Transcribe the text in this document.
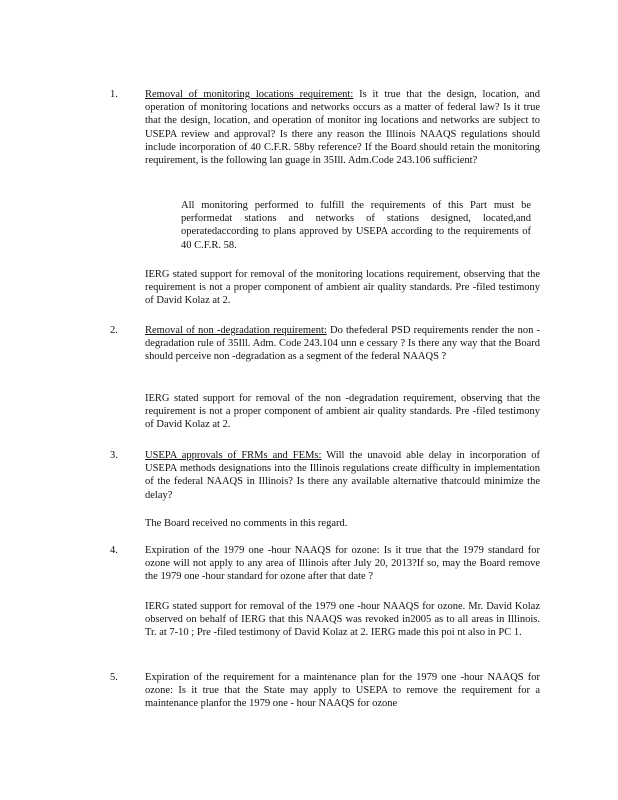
1.	Removal of monitoring locations requirement: Is it true that the design, location, and operation of monitoring locations and networks occurs as a matter of federal law? Is it true that the design, location, and operation of monitor ing locations and networks are subject to USEPA review and approval? Is there any reason the Illinois NAAQS regulations should include incorporation of 40 C.F.R. 58by reference? If the Board should retain the monitoring requirement, is the following lan guage in 35Ill. Adm.Code 243.106 sufficient?

All monitoring performed to fulfill the requirements of this Part must be performedat stations and networks of stations designed, located,and operatedaccording to plans approved by USEPA according to the requirements of 40 C.F.R. 58.

IERG stated support for removal of the monitoring locations requirement, observing that the requirement is not a proper component of ambient air quality standards. Pre -filed testimony of David Kolaz at 2.

2.	Removal of non -degradation requirement: Do thefederal PSD requirements render the non -degradation rule of 35Ill. Adm. Code 243.104 unn e cessary ? Is there any way that the Board should perceive non -degradation as a segment of the federal NAAQS ?

IERG stated support for removal of the non -degradation requirement, observing that the requirement is not a proper component of ambient air quality standards. Pre -filed testimony of David Kolaz at 2.

3.	USEPA approvals of FRMs and FEMs: Will the unavoid able delay in incorporation of USEPA methods designations into the Illinois regulations create difficulty in implementation of the federal NAAQS in Illinois? Is there any available alternative thatcould minimize the delay?

The Board received no comments in this regard.

4.	Expiration of the 1979 one -hour NAAQS for ozone: Is it true that the 1979 standard for ozone will not apply to any area of Illinois after July 20, 2013?If so, may the Board remove the 1979 one -hour standard for ozone after that date ?

IERG stated support for removal of the 1979 one -hour NAAQS for ozone. Mr. David Kolaz observed on behalf of IERG that this NAAQS was revoked in2005 as to all areas in Illinois. Tr. at 7-10 ; Pre -filed testimony of David Kolaz at 2. IERG made this poi nt also in PC 1.

5.	Expiration of the requirement for a maintenance plan for the 1979 one -hour NAAQS for ozone: Is it true that the State may apply to USEPA to remove the requirement for a maintenance planfor the 1979 one - hour NAAQS for ozone
